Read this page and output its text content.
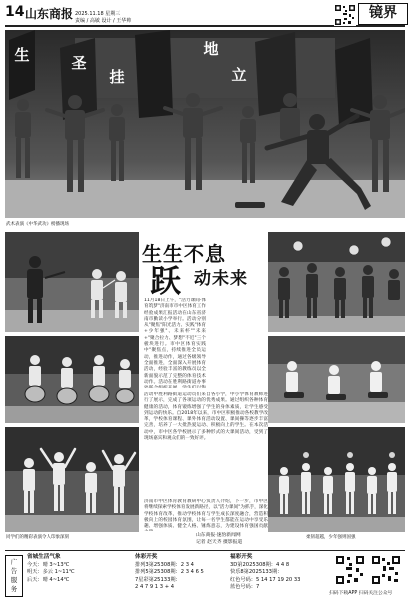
14 山东商报 2025.11.18 星期三
责编 / 高敏 设计 / 王华帅	镜界
生	圣
挂
地
立
武术表演《中华武功》榜播现场
同学们的精彩表演令人印象深刻
生生不息
跃 动未来
11月18日上午，"活力课间·体育筑梦"济南市市中区体育工作经验成果汇报活动在山东省济南市勤读小学举行。活动分别从"聚焦"阳光活力、实践"体育+少年强"、未来杯""未来+"聚合拉力、梦想"不近"三个板块进行。市中区体育实践中"聚焦点，持续推进全员运动，推进动作，通过各级领导全面推进，全面深入开展体育活动，经验丰富的教练员以全新面貌示范了完整的体育技术动作。活动在胜利路街道办事
活动中胜利路街道运动员们来自各小学，中小学体育教师进行了展示，完成了各项运动的优秀成果。通过组织各种体育健康的活动，体育锻炼增强了学生的身体素质，让学生感受到运动的快乐。自2018年以来，市中区积极推动各校教学改革，学校体育课程、课外体育活动设置、课间操等逐步丰富完善，培养了一大批热爱运动、积极向上的学生。在本次活动中，市中区各学校展示了多种形式的大课间活动，受到了现场嘉宾和观众们的一致好评。
济南市中区体育教育教研中心负责人介绍，下一步，市中区将继续探索学校体育发展新路径，以"活力课间"为抓手，深化学校体育改革，推动学校体育与学生成长深度融合，营造积极向上的校园体育氛围，让每一名学生都能在运动中享受乐趣、增强体质、健全人格、锤炼意志，为建设体育强国贡献
山东商报·速豹新闻网
记者 赵天齐 摄影报道
柔韧超越，少年强则国强
广
告
服
务
省城生活气象
今天：晴 3~13℃
明天：多云 1~11℃
后天：晴 4~14℃
体彩开奖
排列3第25308期：2 3 4
排列5第25308期：2 3 4 6 5
7星彩第25133期：
2 4 7 9 1 3 + 4
福彩开奖
3D第2025308期：4 4 8
快乐8第2025133期：
红色号码：5 14 17 19 20 33
蓝色号码：7
扫码下载APP 扫码关注公众号
